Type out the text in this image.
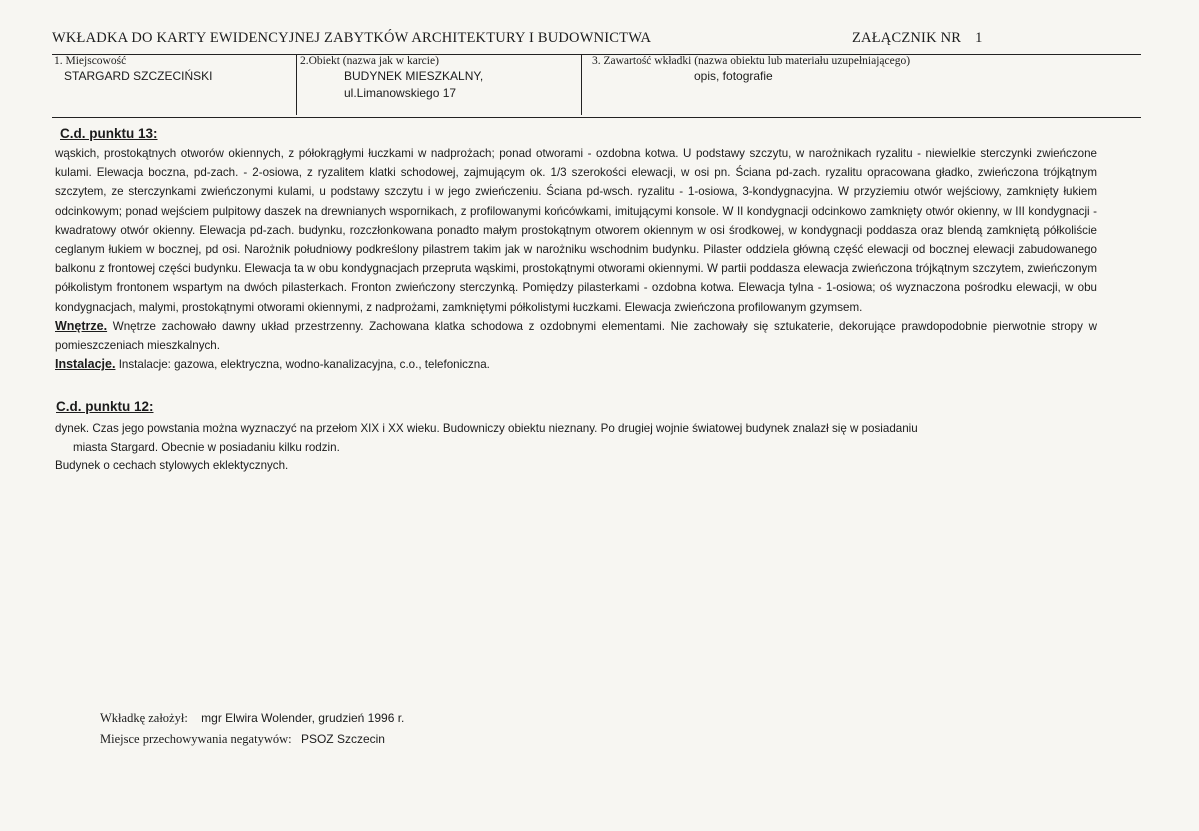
WKŁADKA DO KARTY EWIDENCYJNEJ ZABYTKÓW ARCHITEKTURY I BUDOWNICTWA	ZAŁĄCZNIK NR 1
1. Miejscowość
STARGARD SZCZECIŃSKI
2.Obiekt (nazwa jak w karcie)
BUDYNEK MIESZKALNY,
ul.Limanowskiego 17
3. Zawartość wkładki (nazwa obiektu lub materiału uzupełniającego)
opis, fotografie
C.d. punktu 13:
wąskich, prostokątnych otworów okiennych, z półokrągłymi łuczkami w nadprożach; ponad otworami - ozdobna kotwa. U podstawy szczytu, w narożnikach ryzalitu - niewielkie sterczynki zwieńczone kulami. Elewacja boczna, pd-zach. - 2-osiowa, z ryzalitem klatki schodowej, zajmującym ok. 1/3 szerokości elewacji, w osi pn. Ściana pd-zach. ryzalitu opracowana gładko, zwieńczona trójkątnym szczytem, ze sterczynkami zwieńczonymi kulami, u podstawy szczytu i w jego zwieńczeniu. Ściana pd-wsch. ryzalitu - 1-osiowa, 3-kondygnacyjna. W przyziemiu otwór wejściowy, zamknięty łukiem odcinkowym; ponad wejściem pulpitowy daszek na drewnianych wspornikach, z profilowanymi końcówkami, imitującymi konsole. W II kondygnacji odcinkowo zamknięty otwór okienny, w III kondygnacji - kwadratowy otwór okienny. Elewacja pd-zach. budynku, rozczłonkowana ponadto małym prostokątnym otworem okiennym w osi środkowej, w kondygnacji poddasza oraz blendą zamkniętą półkoliście ceglanym łukiem w bocznej, pd osi. Narożnik południowy podkreślony pilastrem takim jak w narożniku wschodnim budynku. Pilaster oddziela główną część elewacji od bocznej elewacji zabudowanego balkonu z frontowej części budynku. Elewacja ta w obu kondygnacjach przepruta wąskimi, prostokątnymi otworami okiennymi. W partii poddasza elewacja zwieńczona trójkątnym szczytem, zwieńczonym półkolistym frontonem wspartym na dwóch pilasterkach. Fronton zwieńczony sterczynką. Pomiędzy pilasterkami - ozdobna kotwa. Elewacja tylna - 1-osiowa; oś wyznaczona pośrodku elewacji, w obu kondygnacjach, malymi, prostokątnymi otworami okiennymi, z nadprożami, zamkniętymi półkolistymi łuczkami. Elewacja zwieńczona profilowanym gzymsem.
Wnętrze. Wnętrze zachowało dawny układ przestrzenny. Zachowana klatka schodowa z ozdobnymi elementami. Nie zachowały się sztukaterie, dekorujące prawdopodobnie pierwotnie stropy w pomieszczeniach mieszkalnych.
Instalacje. Instalacje: gazowa, elektryczna, wodno-kanalizacyjna, c.o., telefoniczna.
C.d. punktu 12:
dynek. Czas jego powstania można wyznaczyć na przełom XIX i XX wieku. Budowniczy obiektu nieznany. Po drugiej wojnie światowej budynek znalazł się w posiadaniu
miasta Stargard. Obecnie w posiadaniu kilku rodzin.
Budynek o cechach stylowych eklektycznych.
Wkładkę założył: mgr Elwira Wolender, grudzień 1996 r.
Miejsce przechowywania negatywów: PSOZ Szczecin
